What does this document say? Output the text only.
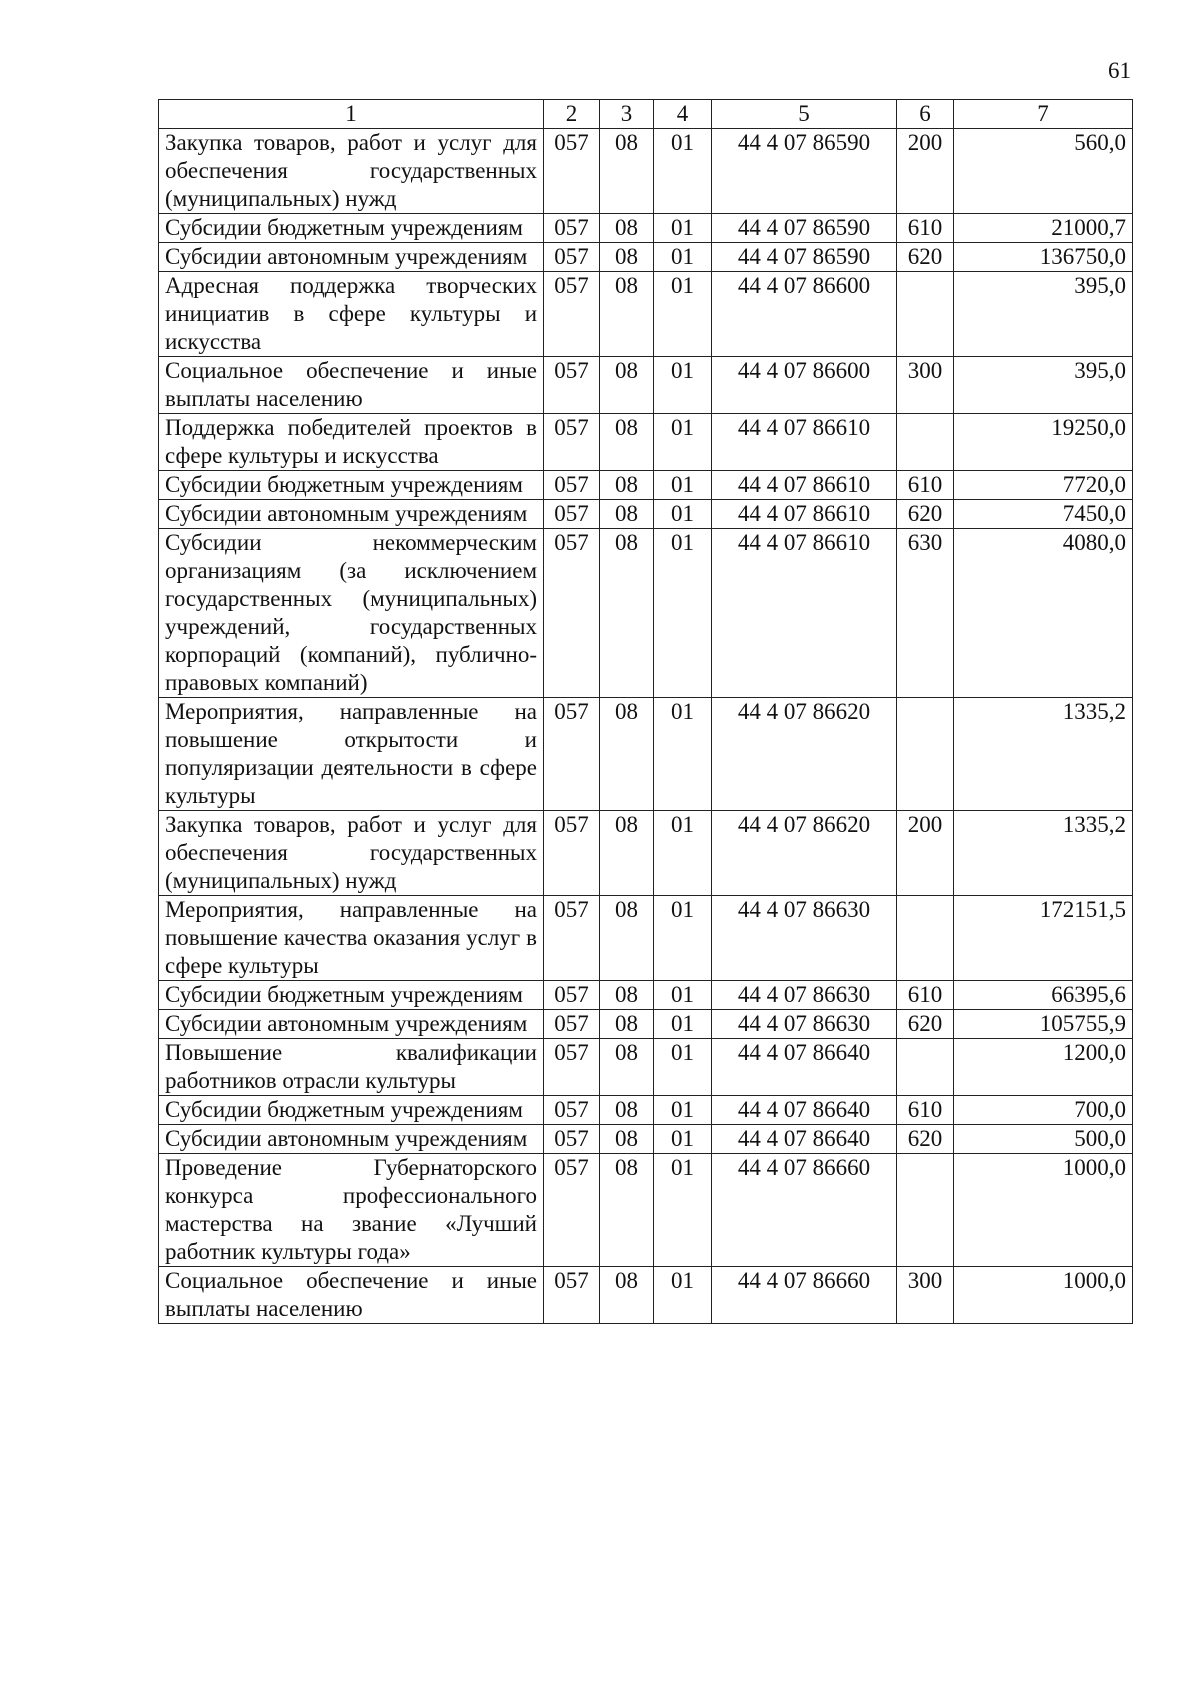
61
1	2	3	4	5	6	7
Закупка товаров, работ и услуг для обеспечения государственных (муниципальных) нужд	057	08	01	44 4 07 86590	200	560,0
Субсидии бюджетным учреждениям	057	08	01	44 4 07 86590	610	21000,7
Субсидии автономным учреждениям	057	08	01	44 4 07 86590	620	136750,0
Адресная поддержка творческих инициатив в сфере культуры и искусства	057	08	01	44 4 07 86600		395,0
Социальное обеспечение и иные выплаты населению	057	08	01	44 4 07 86600	300	395,0
Поддержка победителей проектов в сфере культуры и искусства	057	08	01	44 4 07 86610		19250,0
Субсидии бюджетным учреждениям	057	08	01	44 4 07 86610	610	7720,0
Субсидии автономным учреждениям	057	08	01	44 4 07 86610	620	7450,0
Субсидии некоммерческим организациям (за исключением государственных (муниципальных) учреждений, государственных корпораций (компаний), публично-правовых компаний)	057	08	01	44 4 07 86610	630	4080,0
Мероприятия, направленные на повышение открытости и популяризации деятельности в сфере культуры	057	08	01	44 4 07 86620		1335,2
Закупка товаров, работ и услуг для обеспечения государственных (муниципальных) нужд	057	08	01	44 4 07 86620	200	1335,2
Мероприятия, направленные на повышение качества оказания услуг в сфере культуры	057	08	01	44 4 07 86630		172151,5
Субсидии бюджетным учреждениям	057	08	01	44 4 07 86630	610	66395,6
Субсидии автономным учреждениям	057	08	01	44 4 07 86630	620	105755,9
Повышение квалификации работников отрасли культуры	057	08	01	44 4 07 86640		1200,0
Субсидии бюджетным учреждениям	057	08	01	44 4 07 86640	610	700,0
Субсидии автономным учреждениям	057	08	01	44 4 07 86640	620	500,0
Проведение Губернаторского конкурса профессионального мастерства на звание «Лучший работник культуры года»	057	08	01	44 4 07 86660		1000,0
Социальное обеспечение и иные выплаты населению	057	08	01	44 4 07 86660	300	1000,0
